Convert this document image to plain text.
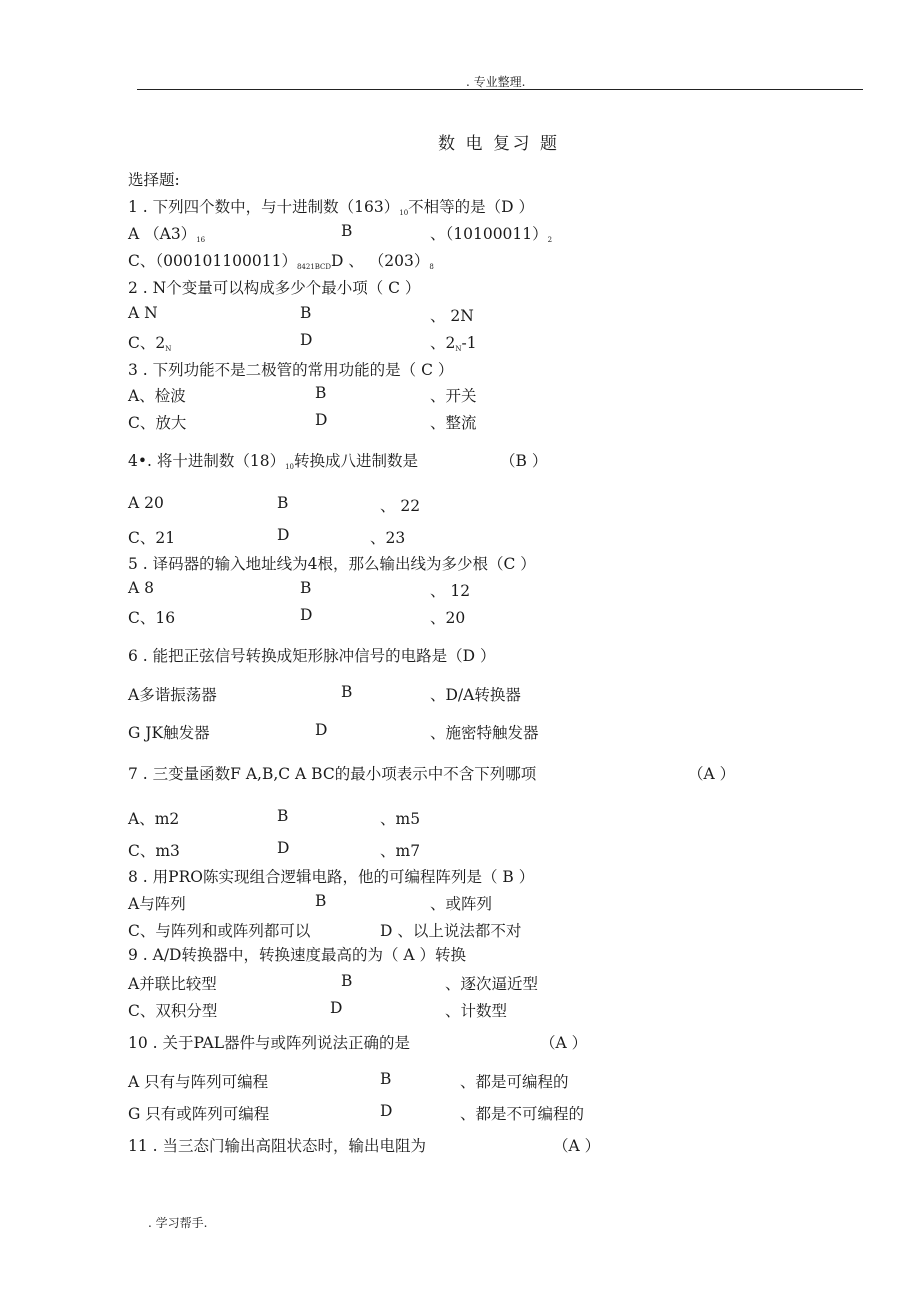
. 专业整理.
数 电 复习 题
选择题:
1 . 下列四个数中，与十进制数$(163)_{10}$不相等的是（D ）
A $(A3)_{16}$	B	、$(10100011)_2$
C、$(000101100011)_{8421BCD}D$ 、 $(203)_8$
2 . N个变量可以构成多少个最小项（ C ）
A N	B	、 2N
C、$2_N$	D	、$2_N-1$
3 . 下列功能不是二极管的常用功能的是（ C ）
A、检波	B	、开关
C、放大	D	、整流
4•. 将十进制数$(18)_{10}$转换成八进制数是	（B ）
A 20	B	、 22
C、21	D	、23
5 . 译码器的输入地址线为4根，那么输出线为多少根（C ）
A 8	B	、 12
C、16	D	、20
6 . 能把正弦信号转换成矩形脉冲信号的电路是（D ）
A多谐振荡器	B	、D/A转换器
G JK触发器	D	、施密特触发器
7 . 三变量函数F A,B,C A BC的最小项表示中不含下列哪项	（A ）
A、m2	B	、m5
C、m3	D	、m7
8 . 用PRO陈实现组合逻辑电路，他的可编程阵列是（ B ）
A与阵列	B	、或阵列
C、与阵列和或阵列都可以	D 、以上说法都不对
9 . A/D转换器中，转换速度最高的为（ A ）转换
A并联比较型	B	、逐次逼近型
C、双积分型	D	、计数型
10 . 关于PAL器件与或阵列说法正确的是	（A ）
A 只有与阵列可编程	B	、都是可编程的
G 只有或阵列可编程	D	、都是不可编程的
11 . 当三态门输出高阻状态时，输出电阻为	（A ）
. 学习帮手.
